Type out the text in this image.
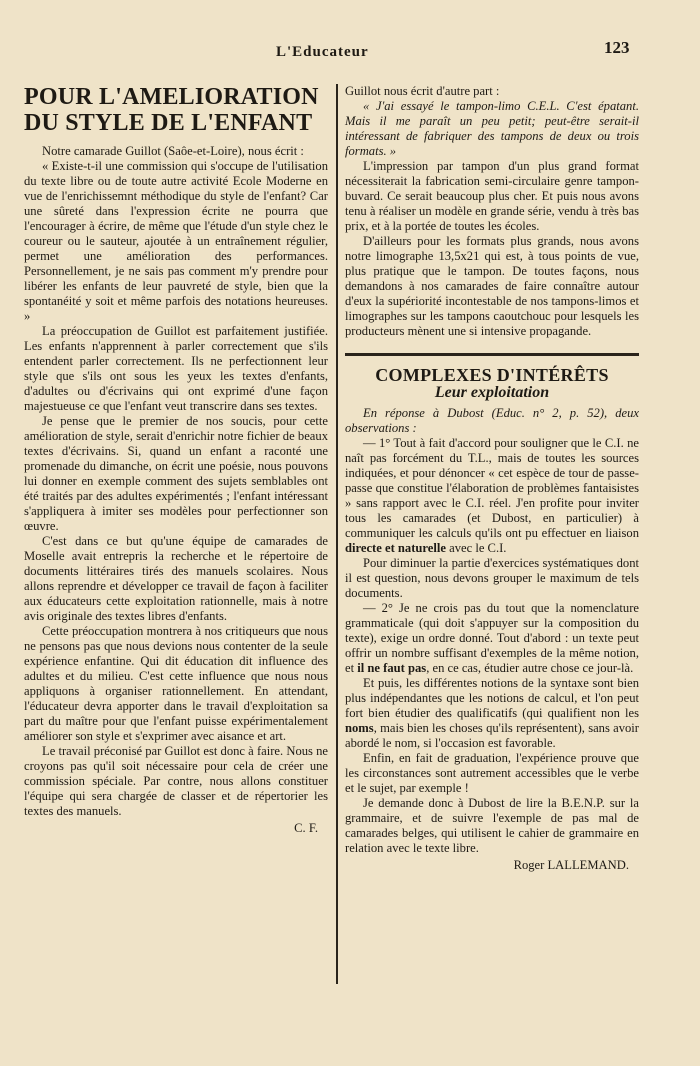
L'Educateur	123
POUR L'AMELIORATION
DU STYLE DE L'ENFANT

Notre camarade Guillot (Saôe-et-Loire), nous écrit :

« Existe-t-il une commission qui s'occupe de l'utilisation du texte libre ou de toute autre activité Ecole Moderne en vue de l'enrichissemnt méthodique du style de l'enfant? Car une sûreté dans l'expression écrite ne pourra que l'encourager à écrire, de même que l'étude d'un style chez le coureur ou le sauteur, ajoutée à un entraînement régulier, permet une amélioration des performances. Personnellement, je ne sais pas comment m'y prendre pour libérer les enfants de leur pauvreté de style, bien que la spontanéité y soit et même parfois des notations heureuses. »

La préoccupation de Guillot est parfaitement justifiée. Les enfants n'apprennent à parler correctement que s'ils entendent parler correctement. Ils ne perfectionnent leur style que s'ils ont sous les yeux les textes d'enfants, d'adultes ou d'écrivains qui ont exprimé d'une façon majestueuse ce que l'enfant veut transcrire dans ses textes.

Je pense que le premier de nos soucis, pour cette amélioration de style, serait d'enrichir notre fichier de beaux textes d'écrivains. Si, quand un enfant a raconté une promenade du dimanche, on écrit une poésie, nous pouvons lui donner en exemple comment des sujets semblables ont été traités par des adultes expérimentés ; l'enfant intéressant s'appliquera à imiter ses modèles pour perfectionner son œuvre.

C'est dans ce but qu'une équipe de camarades de Moselle avait entrepris la recherche et le répertoire de documents littéraires tirés des manuels scolaires. Nous allons reprendre et développer ce travail de façon à faciliter aux éducateurs cette exploitation rationnelle, mais à notre avis originale des textes libres d'enfants.

Cette préoccupation montrera à nos critiqueurs que nous ne pensons pas que nous devions nous contenter de la seule expérience enfantine. Qui dit éducation dit influence des adultes et du milieu. C'est cette influence que nous nous appliquons à organiser rationnellement. En attendant, l'éducateur devra apporter dans le travail d'exploitation sa part du maître pour que l'enfant puisse expérimentalement améliorer son style et s'exprimer avec aisance et art.

Le travail préconisé par Guillot est donc à faire. Nous ne croyons pas qu'il soit nécessaire pour cela de créer une commission spéciale. Par contre, nous allons constituer l'équipe qui sera chargée de classer et de répertorier les textes des manuels.

C. F.

Guillot nous écrit d'autre part :

« J'ai essayé le tampon-limo C.E.L. C'est épatant. Mais il me paraît un peu petit; peut-être serait-il intéressant de fabriquer des tampons de deux ou trois formats. »

L'impression par tampon d'un plus grand format nécessiterait la fabrication semi-circulaire genre tampon-buvard. Ce serait beaucoup plus cher. Et puis nous avons tenu à réaliser un modèle en grande série, vendu à très bas prix, et à la portée de toutes les écoles.

D'ailleurs pour les formats plus grands, nous avons notre limographe 13,5x21 qui est, à tous points de vue, plus pratique que le tampon. De toutes façons, nous demandons à nos camarades de faire connaître autour d'eux la supériorité incontestable de nos tampons-limos et limographes sur les tampons caoutchouc pour lesquels les producteurs mènent une si intensive propagande.

COMPLEXES D'INTÉRÊTS
Leur exploitation

En réponse à Dubost (Educ. n° 2, p. 52), deux observations :

— 1° Tout à fait d'accord pour souligner que le C.I. ne naît pas forcément du T.L., mais de toutes les sources indiquées, et pour dénoncer « cet espèce de tour de passe-passe que constitue l'élaboration de problèmes fantaisistes » sans rapport avec le C.I. réel. J'en profite pour inviter tous les camarades (et Dubost, en particulier) à communiquer les calculs qu'ils ont pu effectuer en liaison directe et naturelle avec le C.I.

Pour diminuer la partie d'exercices systématiques dont il est question, nous devons grouper le maximum de tels documents.

— 2° Je ne crois pas du tout que la nomenclature grammaticale (qui doit s'appuyer sur la composition du texte), exige un ordre donné. Tout d'abord : un texte peut offrir un nombre suffisant d'exemples de la même notion, et il ne faut pas, en ce cas, étudier autre chose ce jour-là.

Et puis, les différentes notions de la syntaxe sont bien plus indépendantes que les notions de calcul, et l'on peut fort bien étudier des qualificatifs (qui qualifient non les noms, mais bien les choses qu'ils représentent), sans avoir abordé le nom, si l'occasion est favorable.

Enfin, en fait de graduation, l'expérience prouve que les circonstances sont autrement accessibles que le verbe et le sujet, par exemple !

Je demande donc à Dubost de lire la B.E.N.P. sur la grammaire, et de suivre l'exemple de pas mal de camarades belges, qui utilisent le cahier de grammaire en relation avec le texte libre.

Roger LALLEMAND.
